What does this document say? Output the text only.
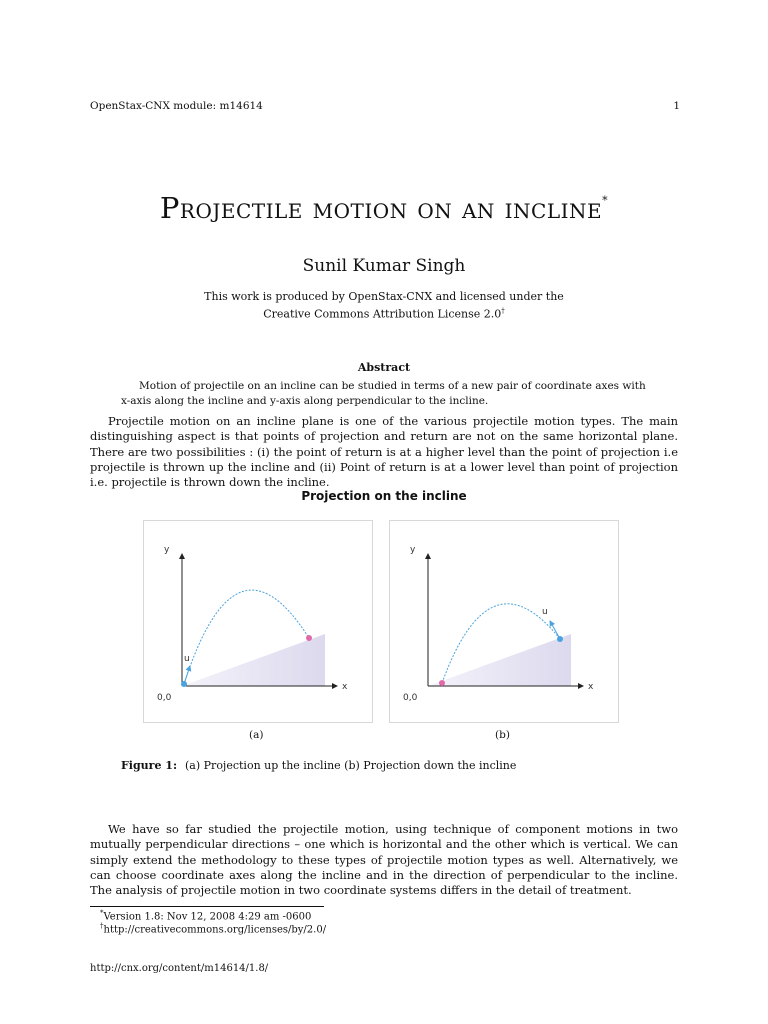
OpenStax-CNX module: m14614	1
Projectile motion on an incline*
Sunil Kumar Singh
This work is produced by OpenStax-CNX and licensed under the
Creative Commons Attribution License 2.0†
Abstract
Motion of projectile on an incline can be studied in terms of a new pair of coordinate axes with x-axis along the incline and y-axis along perpendicular to the incline.
Projectile motion on an incline plane is one of the various projectile motion types. The main distinguishing aspect is that points of projection and return are not on the same horizontal plane. There are two possibilities : (i) the point of return is at a higher level than the point of projection i.e projectile is thrown up the incline and (ii) Point of return is at a lower level than point of projection i.e. projectile is thrown down the incline.
Projection on the incline
y
x
0,0
u
y
x
0,0
u
(a)	(b)
Figure 1: (a) Projection up the incline (b) Projection down the incline
We have so far studied the projectile motion, using technique of component motions in two mutually perpendicular directions – one which is horizontal and the other which is vertical. We can simply extend the methodology to these types of projectile motion types as well. Alternatively, we can choose coordinate axes along the incline and in the direction of perpendicular to the incline. The analysis of projectile motion in two coordinate systems differs in the detail of treatment.
*Version 1.8: Nov 12, 2008 4:29 am -0600
†http://creativecommons.org/licenses/by/2.0/
http://cnx.org/content/m14614/1.8/
